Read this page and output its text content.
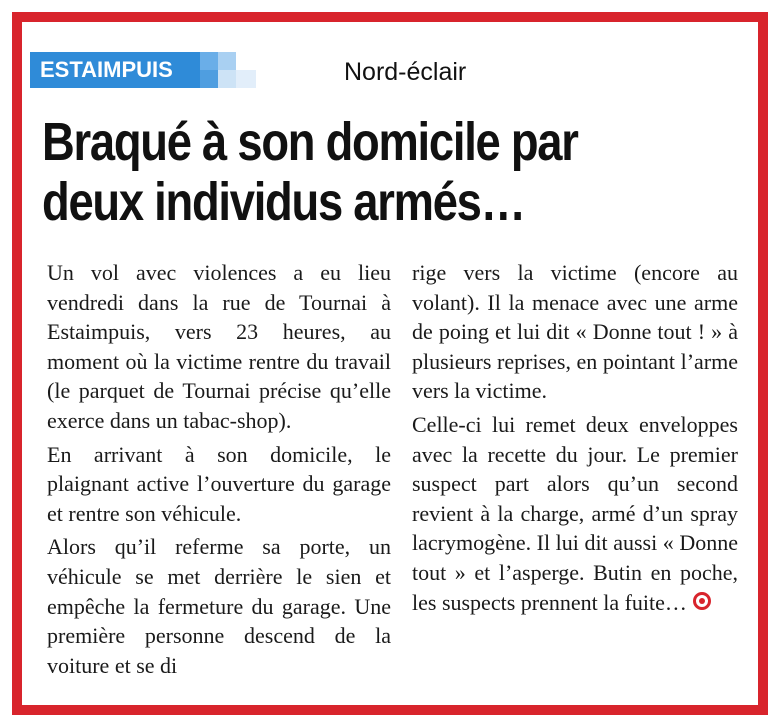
ESTAIMPUIS	Nord-éclair
Braqué à son domicile par
deux individus armés…

Un vol avec violences a eu lieu vendredi dans la rue de Tournai à Estaimpuis, vers 23 heures, au moment où la victime rentre du travail (le parquet de Tournai précise qu’elle exerce dans un tabac-shop).

En arrivant à son domicile, le plaignant active l’ouverture du garage et rentre son véhicule.

Alors qu’il referme sa porte, un véhicule se met derrière le sien et empêche la fermeture du garage. Une première personne descend de la voiture et se di

rige vers la victime (encore au volant). Il la menace avec une arme de poing et lui dit « Donne tout ! » à plusieurs reprises, en pointant l’arme vers la victime.

Celle-ci lui remet deux enveloppes avec la recette du jour. Le premier suspect part alors qu’un second revient à la charge, armé d’un spray lacrymogène. Il lui dit aussi « Donne tout » et l’asperge. Butin en poche, les suspects prennent la fuite…
